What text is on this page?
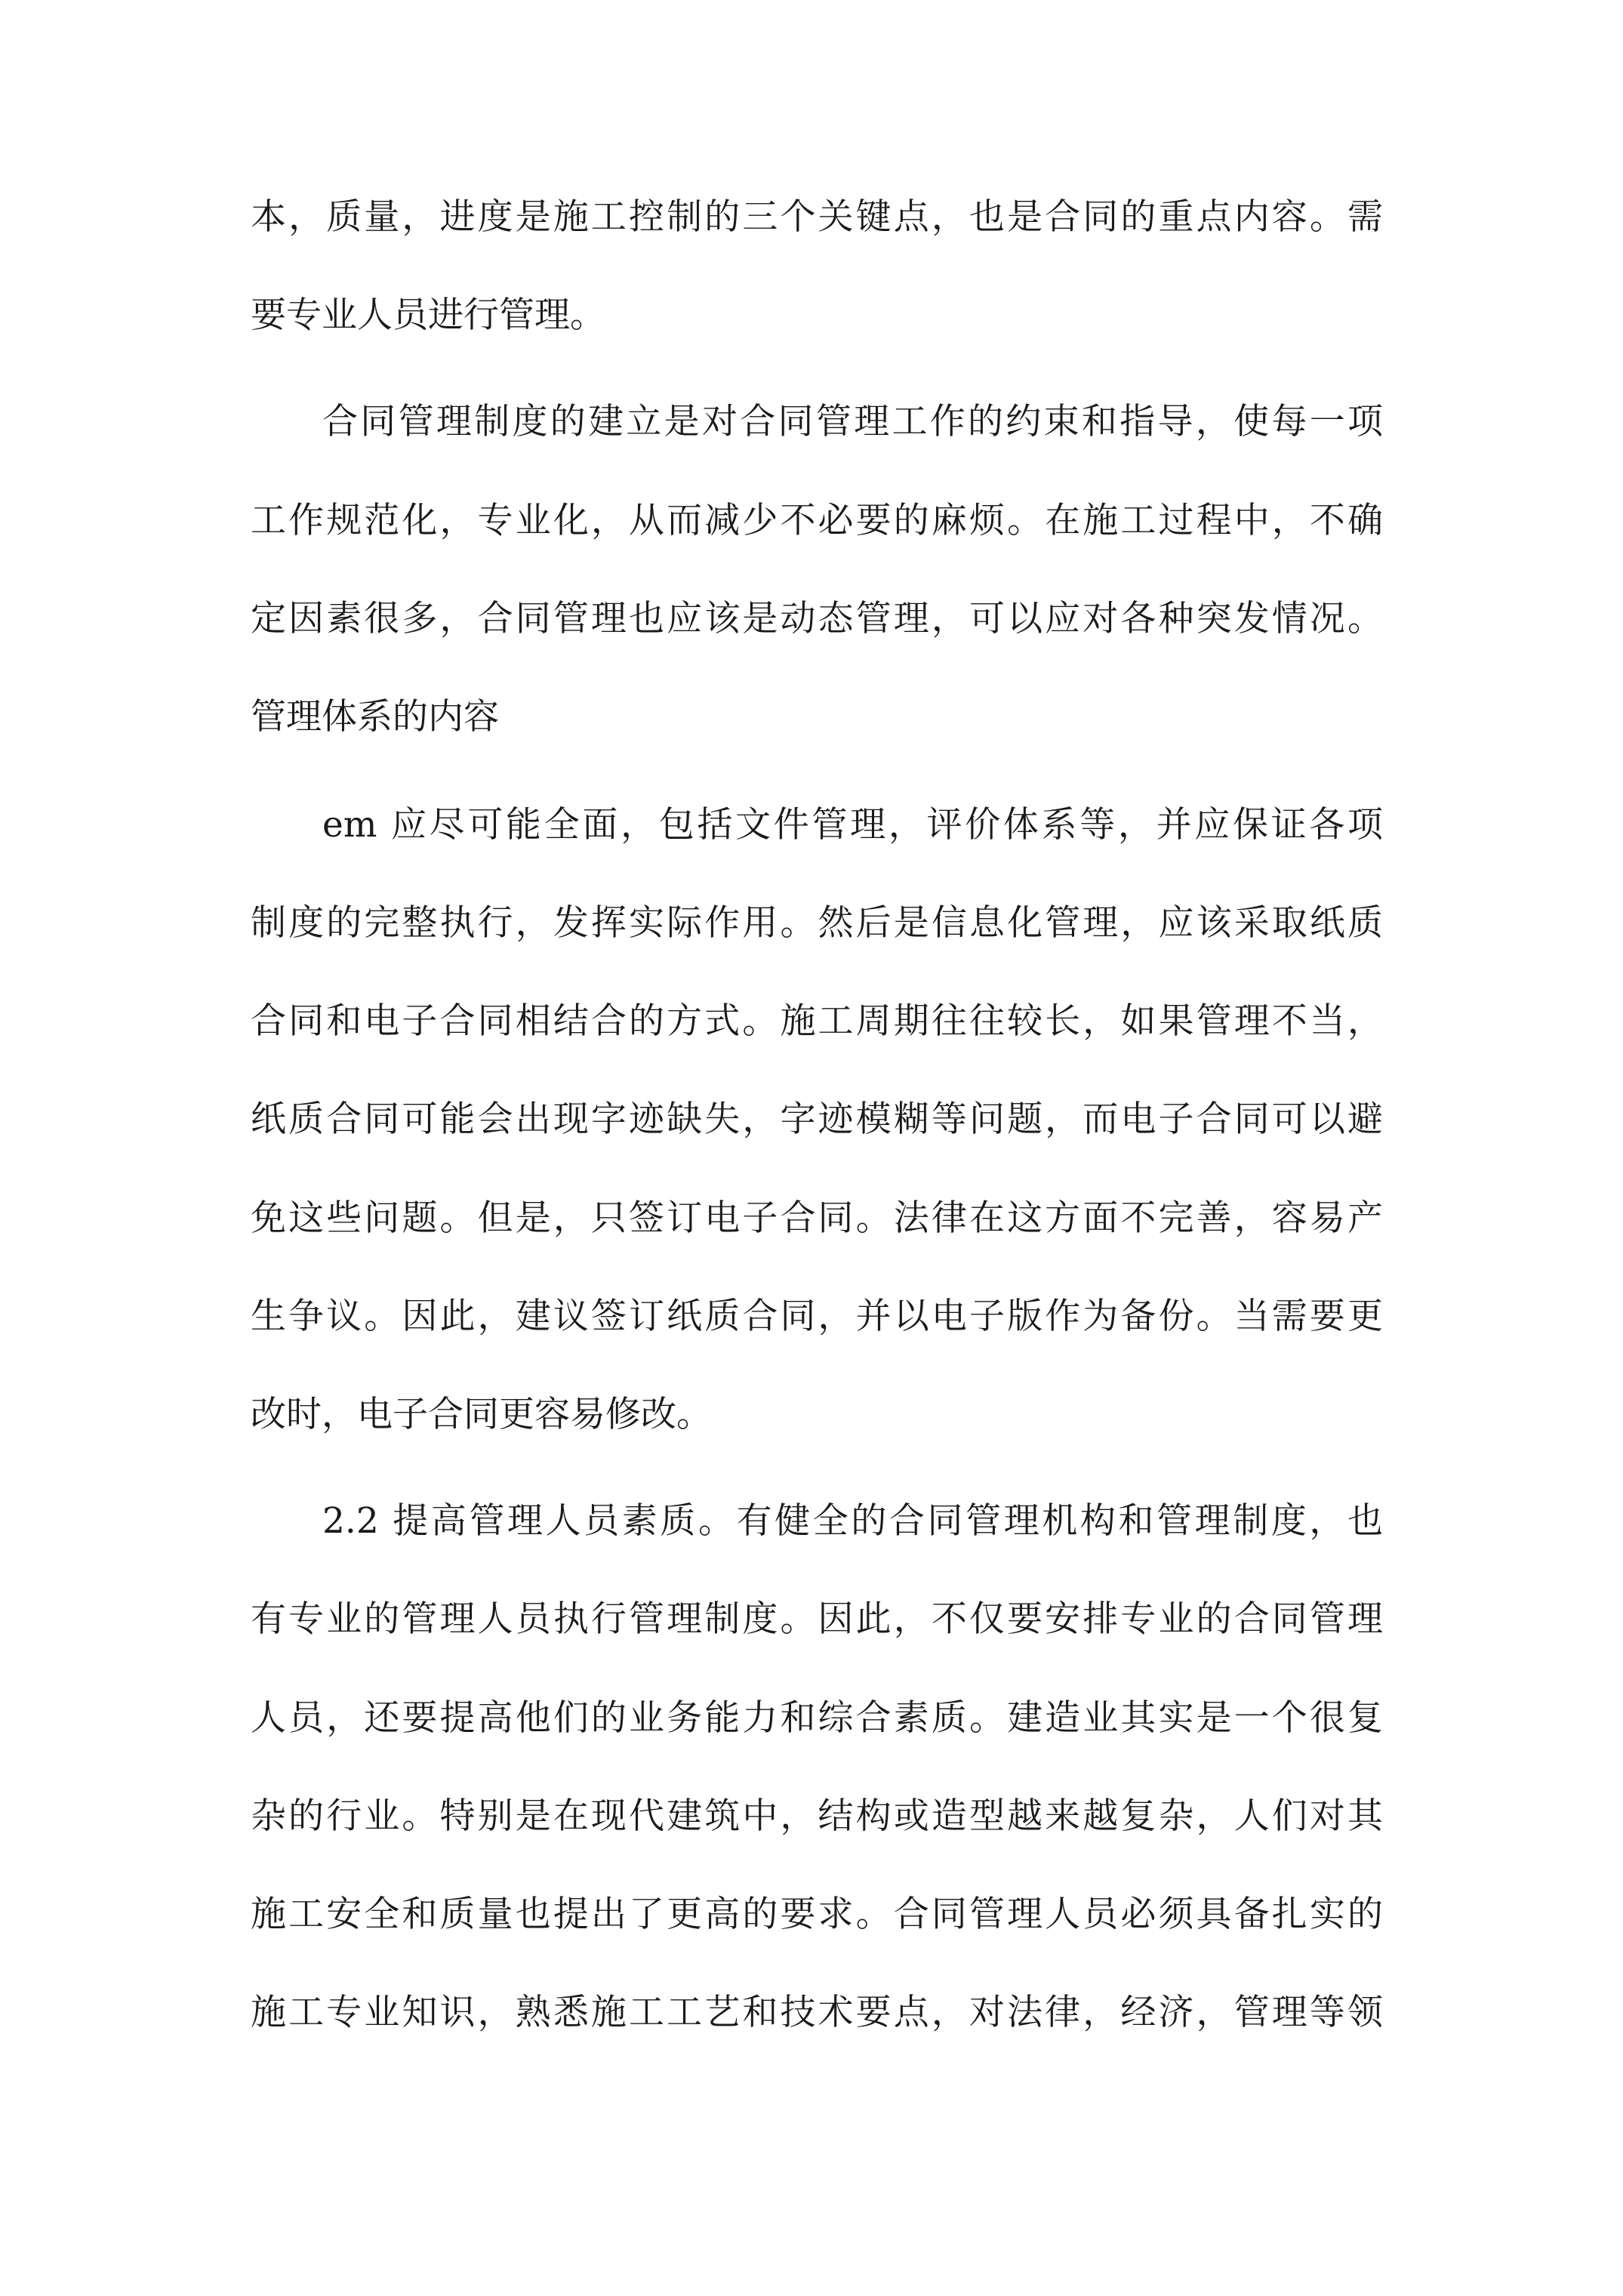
本，质量，进度是施工控制的三个关键点，也是合同的重点内容。需
要专业人员进行管理。
合同管理制度的建立是对合同管理工作的约束和指导，使每一项
工作规范化，专业化，从而减少不必要的麻烦。在施工过程中，不确
定因素很多，合同管理也应该是动态管理，可以应对各种突发情况。
管理体系的内容
em 应尽可能全面，包括文件管理，评价体系等，并应保证各项
制度的完整执行，发挥实际作用。然后是信息化管理，应该采取纸质
合同和电子合同相结合的方式。施工周期往往较长，如果管理不当，
纸质合同可能会出现字迹缺失，字迹模糊等问题，而电子合同可以避
免这些问题。但是，只签订电子合同。法律在这方面不完善，容易产
生争议。因此，建议签订纸质合同，并以电子版作为备份。当需要更
改时，电子合同更容易修改。
2.2 提高管理人员素质。有健全的合同管理机构和管理制度，也
有专业的管理人员执行管理制度。因此，不仅要安排专业的合同管理
人员，还要提高他们的业务能力和综合素质。建造业其实是一个很复
杂的行业。特别是在现代建筑中，结构或造型越来越复杂，人们对其
施工安全和质量也提出了更高的要求。合同管理人员必须具备扎实的
施工专业知识，熟悉施工工艺和技术要点，对法律，经济，管理等领
